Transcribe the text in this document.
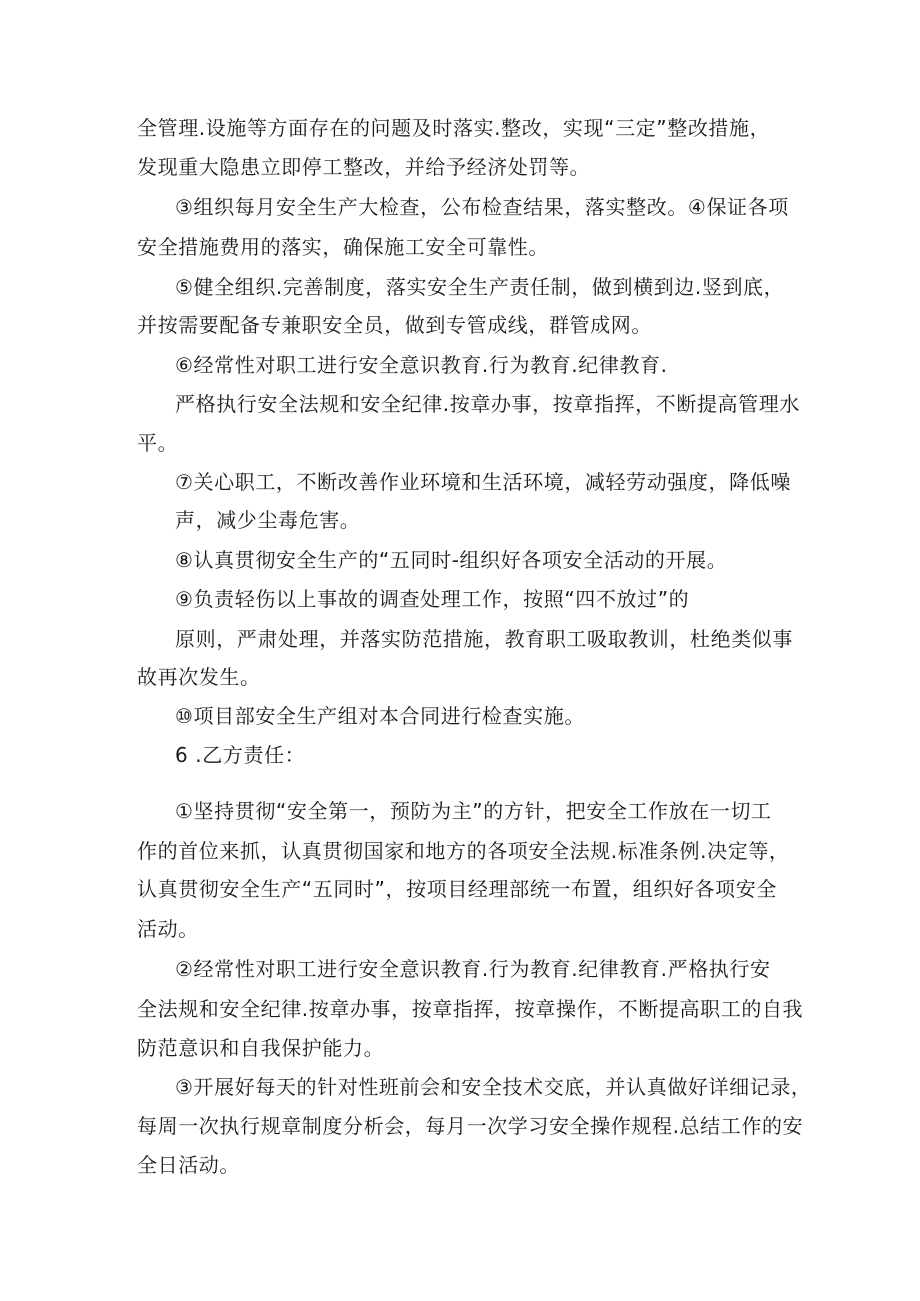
全管理.设施等方面存在的问题及时落实.整改，实现“三定”整改措施，

发现重大隐患立即停工整改，并给予经济处罚等。

③组织每月安全生产大检查，公布检查结果，落实整改。④保证各项

安全措施费用的落实，确保施工安全可靠性。

⑤健全组织.完善制度，落实安全生产责任制，做到横到边.竖到底，

并按需要配备专兼职安全员，做到专管成线，群管成网。

⑥经常性对职工进行安全意识教育.行为教育.纪律教育.

严格执行安全法规和安全纪律.按章办事，按章指挥，不断提高管理水

平。

⑦关心职工，不断改善作业环境和生活环境，减轻劳动强度，降低噪

声，减少尘毒危害。

⑧认真贯彻安全生产的“五同时-组织好各项安全活动的开展。

⑨负责轻伤以上事故的调查处理工作，按照“四不放过”的

原则，严肃处理，并落实防范措施，教育职工吸取教训，杜绝类似事

故再次发生。

⑩项目部安全生产组对本合同进行检查实施。

6 .乙方责任：

①坚持贯彻“安全第一，预防为主”的方针，把安全工作放在一切工

作的首位来抓，认真贯彻国家和地方的各项安全法规.标准条例.决定等，

认真贯彻安全生产“五同时”，按项目经理部统一布置，组织好各项安全

活动。

②经常性对职工进行安全意识教育.行为教育.纪律教育.严格执行安

全法规和安全纪律.按章办事，按章指挥，按章操作，不断提高职工的自我

防范意识和自我保护能力。

③开展好每天的针对性班前会和安全技术交底，并认真做好详细记录，

每周一次执行规章制度分析会，每月一次学习安全操作规程.总结工作的安

全日活动。
